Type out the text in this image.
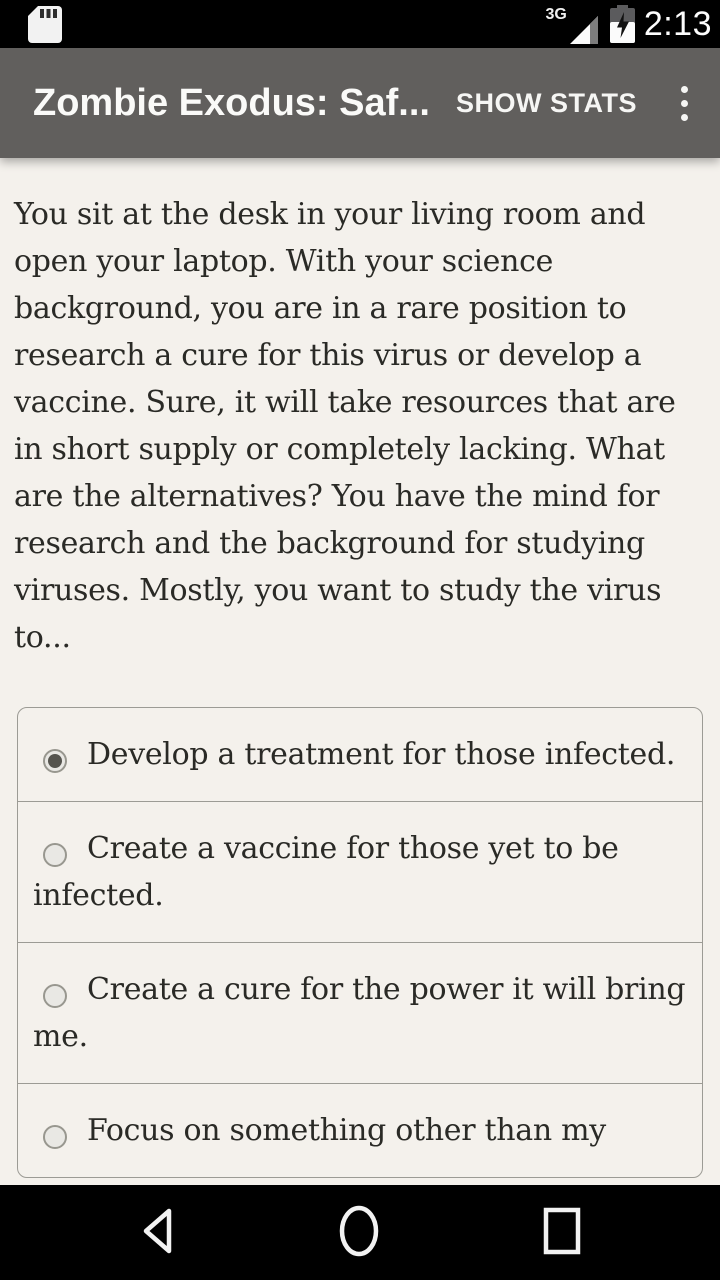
3G 2:13
Zombie Exodus: Saf... SHOW STATS

You sit at the desk in your living room and open your laptop. With your science background, you are in a rare position to research a cure for this virus or develop a vaccine. Sure, it will take resources that are in short supply or completely lacking. What are the alternatives? You have the mind for research and the background for studying viruses. Mostly, you want to study the virus to...

Develop a treatment for those infected.
Create a vaccine for those yet to be infected.
Create a cure for the power it will bring me.
Focus on something other than my
